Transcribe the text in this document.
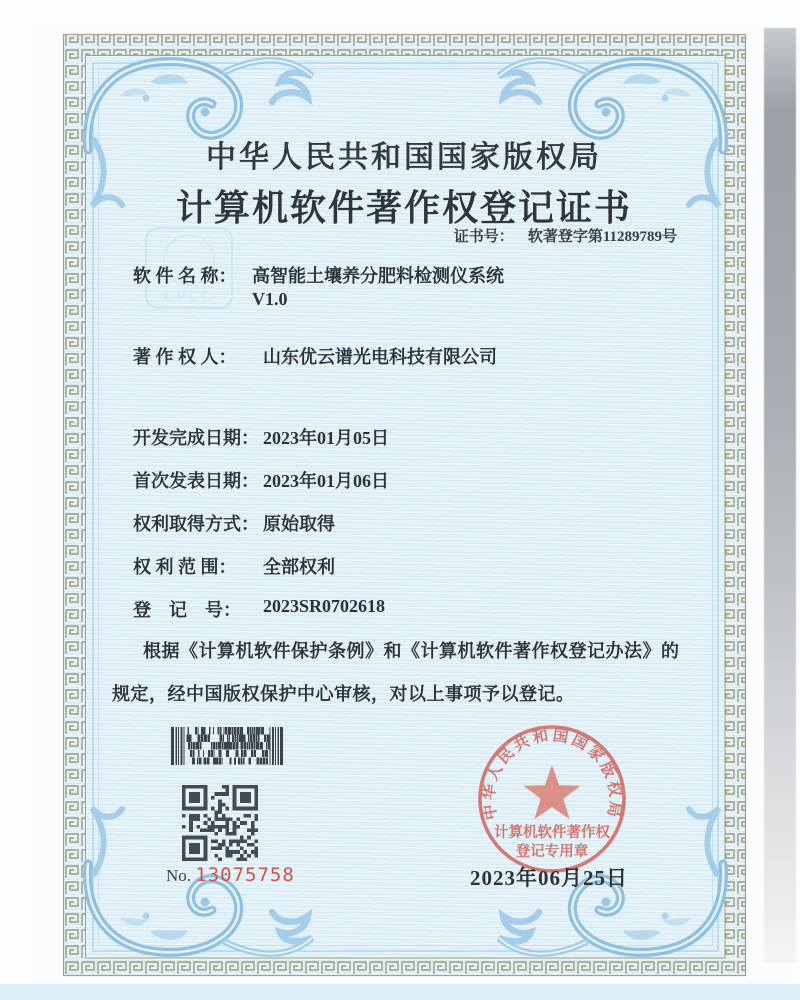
CPCC
中华人民共和国国家版权局
计算机软件著作权
登记专用章
中华人民共和国国家版权局
计算机软件著作权登记证书
证书号： 软著登字第11289789号
软 件 名 称： 高智能土壤养分肥料检测仪系统
V1.0
著 作 权 人： 山东优云谱光电科技有限公司
开发完成日期： 2023年01月05日
首次发表日期： 2023年01月06日
权利取得方式： 原始取得
权 利 范 围： 全部权利
登　记　号： 2023SR0702618
根据《计算机软件保护条例》和《计算机软件著作权登记办法》的
规定，经中国版权保护中心审核，对以上事项予以登记。
No. 13075758	2023年06月25日
